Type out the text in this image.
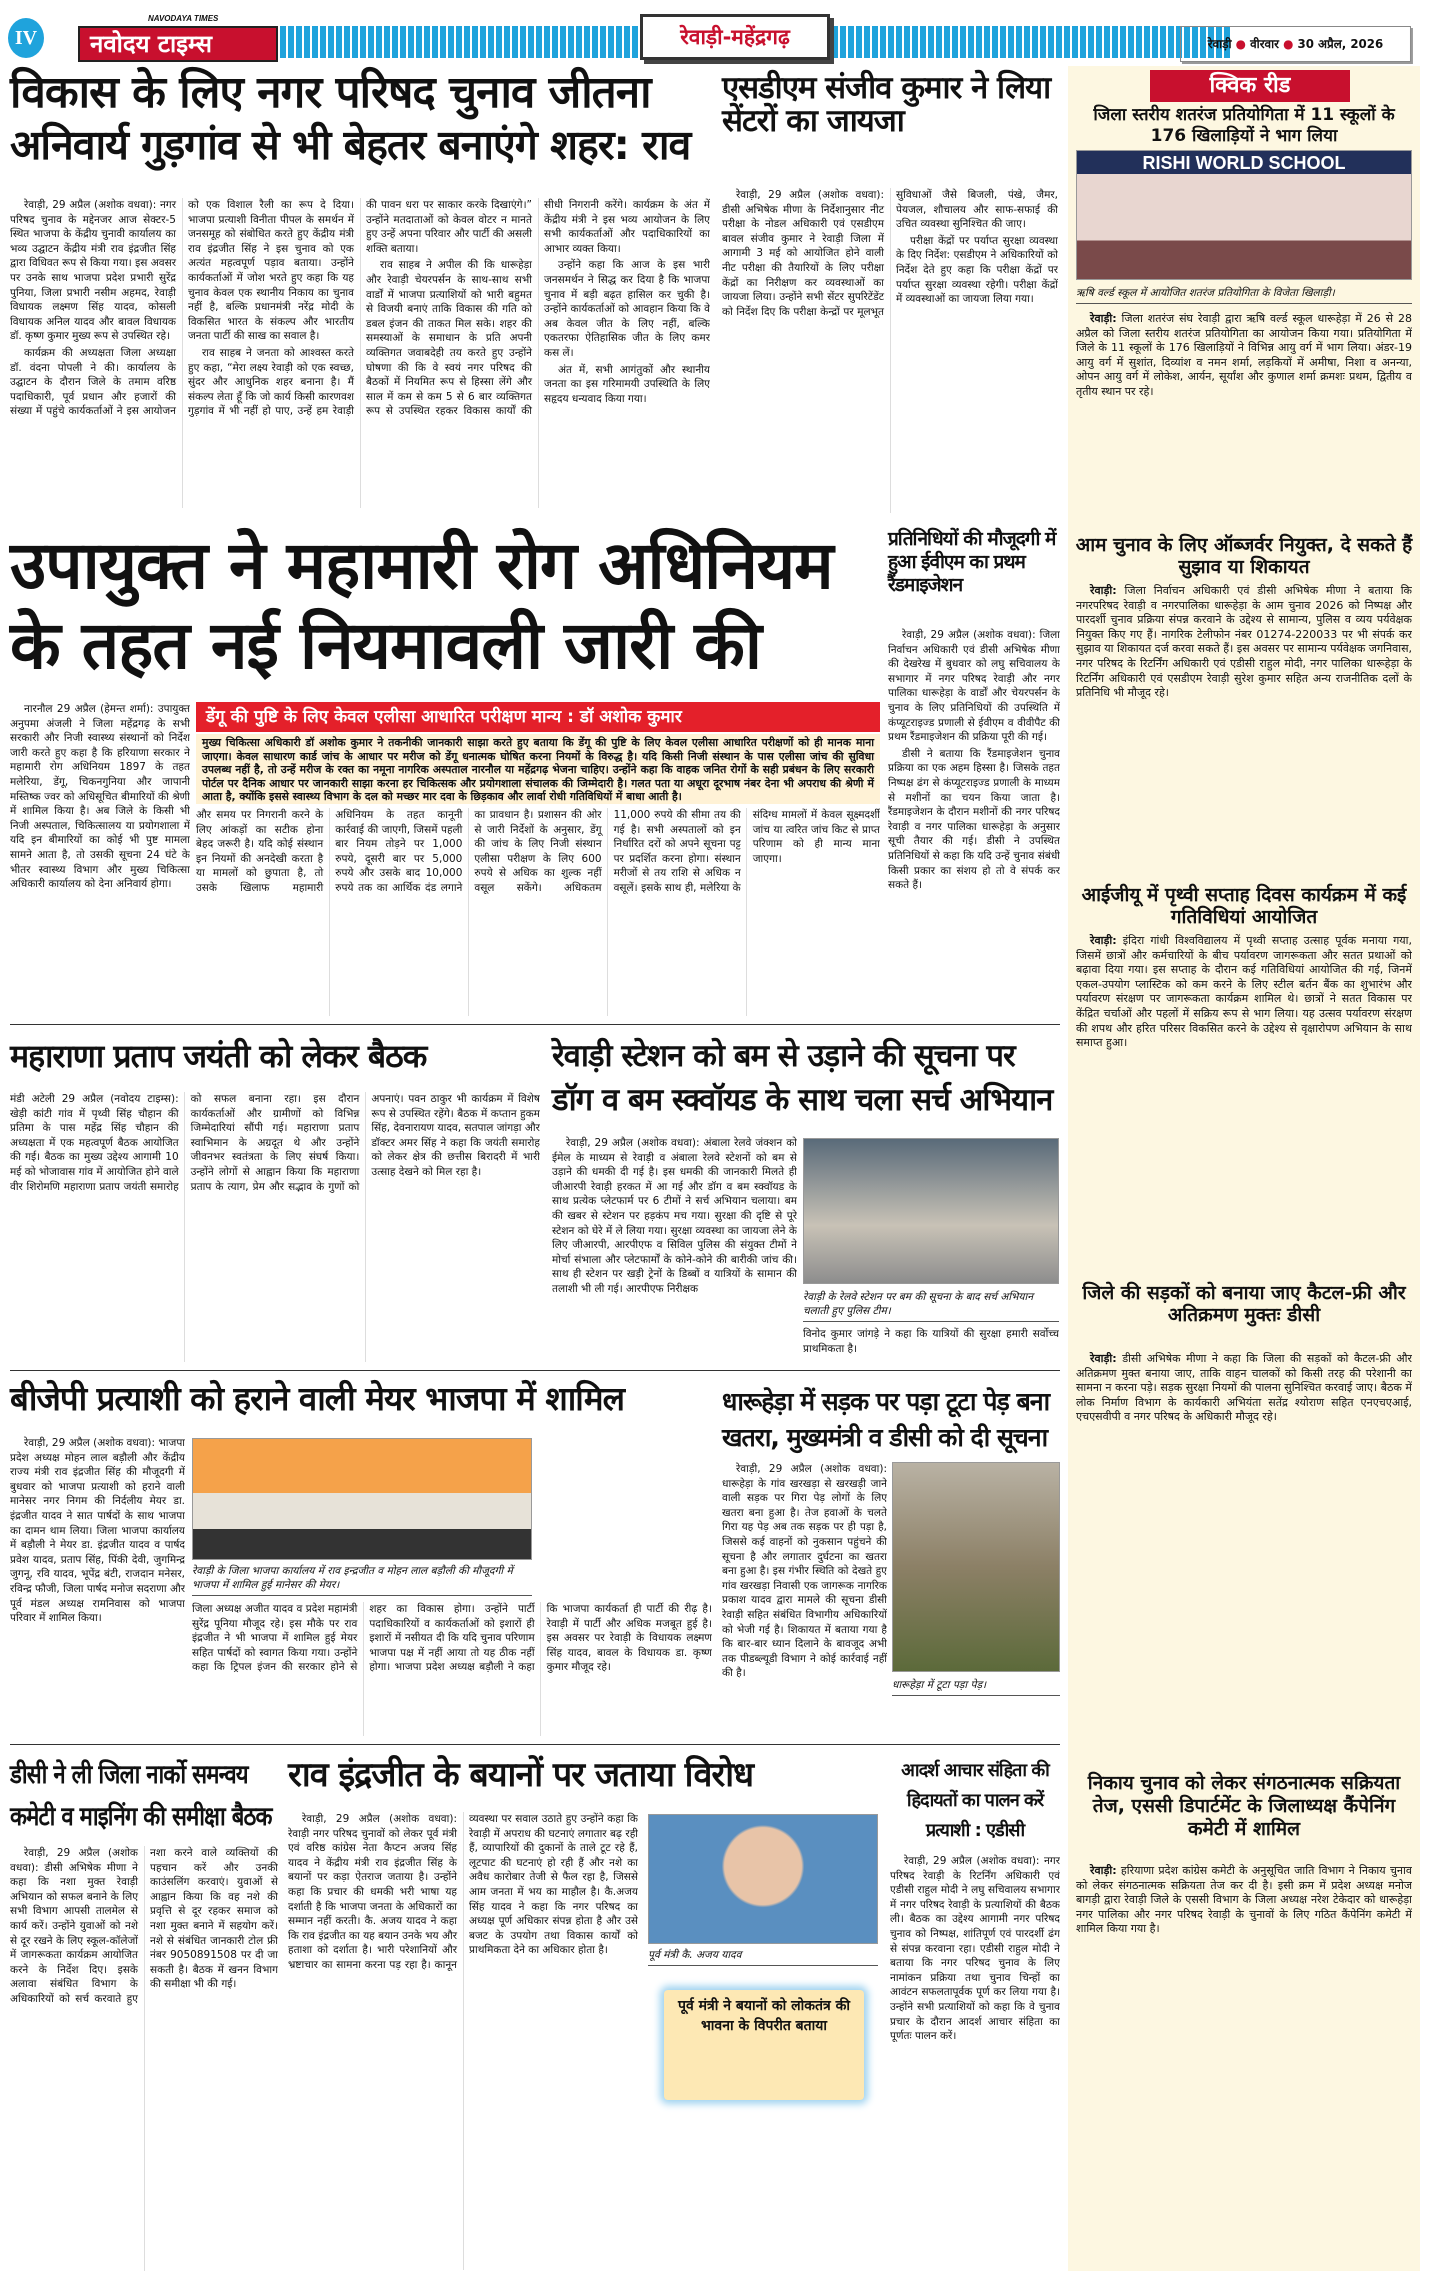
IV
NAVODAYA TIMES
नवोदय टाइम्स	रेवाड़ी-महेंद्रगढ़	रेवाड़ी ● वीरवार ● 30 अप्रैल, 2026
विकास के लिए नगर परिषद चुनाव जीतना
अनिवार्य गुड़गांव से भी बेहतर बनाएंगे शहर: राव

रेवाड़ी, 29 अप्रैल (अशोक वधवा): नगर परिषद चुनाव के मद्देनजर आज सेक्टर-5 स्थित भाजपा के केंद्रीय चुनावी कार्यालय का भव्य उद्घाटन केंद्रीय मंत्री राव इंद्रजीत सिंह द्वारा विधिवत रूप से किया गया। इस अवसर पर उनके साथ भाजपा प्रदेश प्रभारी सुरेंद्र पुनिया, जिला प्रभारी नसीम अहमद, रेवाड़ी विधायक लक्ष्मण सिंह यादव, कोसली विधायक अनिल यादव और बावल विधायक डॉ. कृष्ण कुमार मुख्य रूप से उपस्थित रहे।

कार्यक्रम की अध्यक्षता जिला अध्यक्षा डॉ. वंदना पोपली ने की। कार्यालय के उद्घाटन के दौरान जिले के तमाम वरिष्ठ पदाधिकारी, पूर्व प्रधान और हजारों की संख्या में पहुंचे कार्यकर्ताओं ने इस आयोजन को एक विशाल रैली का रूप दे दिया। भाजपा प्रत्याशी विनीता पीपल के समर्थन में जनसमूह को संबोधित करते हुए केंद्रीय मंत्री राव इंद्रजीत सिंह ने इस चुनाव को एक अत्यंत महत्वपूर्ण पड़ाव बताया। उन्होंने कार्यकर्ताओं में जोश भरते हुए कहा कि यह चुनाव केवल एक स्थानीय निकाय का चुनाव नहीं है, बल्कि प्रधानमंत्री नरेंद्र मोदी के विकसित भारत के संकल्प और भारतीय जनता पार्टी की साख का सवाल है।

राव साहब ने जनता को आश्वस्त करते हुए कहा, “मेरा लक्ष्य रेवाड़ी को एक स्वच्छ, सुंदर और आधुनिक शहर बनाना है। मैं संकल्प लेता हूँ कि जो कार्य किसी कारणवश गुड़गांव में भी नहीं हो पाए, उन्हें हम रेवाड़ी की पावन धरा पर साकार करके दिखाएंगे।” उन्होंने मतदाताओं को केवल वोटर न मानते हुए उन्हें अपना परिवार और पार्टी की असली शक्ति बताया।

राव साहब ने अपील की कि धारूहेड़ा और रेवाड़ी चेयरपर्सन के साथ-साथ सभी वार्डों में भाजपा प्रत्याशियों को भारी बहुमत से विजयी बनाएं ताकि विकास की गति को डबल इंजन की ताकत मिल सके। शहर की समस्याओं के समाधान के प्रति अपनी व्यक्तिगत जवाबदेही तय करते हुए उन्होंने घोषणा की कि वे स्वयं नगर परिषद की बैठकों में नियमित रूप से हिस्सा लेंगे और साल में कम से कम 5 से 6 बार व्यक्तिगत रूप से उपस्थित रहकर विकास कार्यों की सीधी निगरानी करेंगे। कार्यक्रम के अंत में केंद्रीय मंत्री ने इस भव्य आयोजन के लिए सभी कार्यकर्ताओं और पदाधिकारियों का आभार व्यक्त किया।

उन्होंने कहा कि आज के इस भारी जनसमर्थन ने सिद्ध कर दिया है कि भाजपा चुनाव में बड़ी बढ़त हासिल कर चुकी है। उन्होंने कार्यकर्ताओं को आवहान किया कि वे अब केवल जीत के लिए नहीं, बल्कि एकतरफा ऐतिहासिक जीत के लिए कमर कस लें।

अंत में, सभी आगंतुकों और स्थानीय जनता का इस गरिमामयी उपस्थिति के लिए सहृदय धन्यवाद किया गया।

एसडीएम संजीव कुमार ने लिया सेंटरों का जायजा

रेवाड़ी, 29 अप्रैल (अशोक वधवा): डीसी अभिषेक मीणा के निर्देशानुसार नीट परीक्षा के नोडल अधिकारी एवं एसडीएम बावल संजीव कुमार ने रेवाड़ी जिला में आगामी 3 मई को आयोजित होने वाली नीट परीक्षा की तैयारियों के लिए परीक्षा केंद्रों का निरीक्षण कर व्यवस्थाओं का जायजा लिया। उन्होंने सभी सेंटर सुपरिटेंडेंट को निर्देश दिए कि परीक्षा केन्द्रों पर मूलभूत सुविधाओं जैसे बिजली, पंखे, जैमर, पेयजल, शौचालय और साफ-सफाई की उचित व्यवस्था सुनिश्चित की जाए।

परीक्षा केंद्रों पर पर्याप्त सुरक्षा व्यवस्था के दिए निर्देश: एसडीएम ने अधिकारियों को निर्देश देते हुए कहा कि परीक्षा केंद्रों पर पर्याप्त सुरक्षा व्यवस्था रहेगी। परीक्षा केंद्रों में व्यवस्थाओं का जायजा लिया गया।

क्विक रीड
जिला स्तरीय शतरंज प्रतियोगिता में 11 स्कूलों के 176 खिलाड़ियों ने भाग लिया
RISHI WORLD SCHOOL
ऋषि वर्ल्ड स्कूल में आयोजित शतरंज प्रतियोगिता के विजेता खिलाड़ी।

रेवाड़ी: जिला शतरंज संघ रेवाड़ी द्वारा ऋषि वर्ल्ड स्कूल धारूहेड़ा में 26 से 28 अप्रैल को जिला स्तरीय शतरंज प्रतियोगिता का आयोजन किया गया। प्रतियोगिता में जिले के 11 स्कूलों के 176 खिलाड़ियों ने विभिन्न आयु वर्ग में भाग लिया। अंडर-19 आयु वर्ग में सुशांत, दिव्यांश व नमन शर्मा, लड़कियों में अमीषा, निशा व अनन्या, ओपन आयु वर्ग में लोकेश, आर्यन, सूर्यांश और कुणाल शर्मा क्रमशः प्रथम, द्वितीय व तृतीय स्थान पर रहे।

आम चुनाव के लिए ऑब्जर्वर नियुक्त, दे सकते हैं सुझाव या शिकायत

रेवाड़ी: जिला निर्वाचन अधिकारी एवं डीसी अभिषेक मीणा ने बताया कि नगरपरिषद रेवाड़ी व नगरपालिका धारूहेड़ा के आम चुनाव 2026 को निष्पक्ष और पारदर्शी चुनाव प्रक्रिया संपन्न करवाने के उद्देश्य से सामान्य, पुलिस व व्यय पर्यवेक्षक नियुक्त किए गए हैं। नागरिक टेलीफोन नंबर 01274-220033 पर भी संपर्क कर सुझाव या शिकायत दर्ज करवा सकते हैं। इस अवसर पर सामान्य पर्यवेक्षक जगनिवास, नगर परिषद के रिटर्निंग अधिकारी एवं एडीसी राहुल मोदी, नगर पालिका धारूहेड़ा के रिटर्निंग अधिकारी एवं एसडीएम रेवाड़ी सुरेश कुमार सहित अन्य राजनीतिक दलों के प्रतिनिधि भी मौजूद रहे।

आईजीयू में पृथ्वी सप्ताह दिवस कार्यक्रम में कई गतिविधियां आयोजित

रेवाड़ी: इंदिरा गांधी विश्वविद्यालय में पृथ्वी सप्ताह उत्साह पूर्वक मनाया गया, जिसमें छात्रों और कर्मचारियों के बीच पर्यावरण जागरूकता और सतत प्रथाओं को बढ़ावा दिया गया। इस सप्ताह के दौरान कई गतिविधियां आयोजित की गई, जिनमें एकल-उपयोग प्लास्टिक को कम करने के लिए स्टील बर्तन बैंक का शुभारंभ और पर्यावरण संरक्षण पर जागरूकता कार्यक्रम शामिल थे। छात्रों ने सतत विकास पर केंद्रित चर्चाओं और पहलों में सक्रिय रूप से भाग लिया। यह उत्सव पर्यावरण संरक्षण की शपथ और हरित परिसर विकसित करने के उद्देश्य से वृक्षारोपण अभियान के साथ समाप्त हुआ।

जिले की सड़कों को बनाया जाए कैटल-फ्री और अतिक्रमण मुक्तः डीसी

रेवाड़ी: डीसी अभिषेक मीणा ने कहा कि जिला की सड़कों को कैटल-फ्री और अतिक्रमण मुक्त बनाया जाए, ताकि वाहन चालकों को किसी तरह की परेशानी का सामना न करना पड़े। सड़क सुरक्षा नियमों की पालना सुनिश्चित करवाई जाए। बैठक में लोक निर्माण विभाग के कार्यकारी अभियंता सतेंद्र श्योराण सहित एनएचएआई, एचएसवीपी व नगर परिषद के अधिकारी मौजूद रहे।

निकाय चुनाव को लेकर संगठनात्मक सक्रियता तेज, एससी डिपार्टमेंट के जिलाध्यक्ष कैंपेनिंग कमेटी में शामिल

रेवाड़ी: हरियाणा प्रदेश कांग्रेस कमेटी के अनुसूचित जाति विभाग ने निकाय चुनाव को लेकर संगठनात्मक सक्रियता तेज कर दी है। इसी क्रम में प्रदेश अध्यक्ष मनोज बागड़ी द्वारा रेवाड़ी जिले के एससी विभाग के जिला अध्यक्ष नरेश टेकेदार को धारूहेड़ा नगर पालिका और नगर परिषद रेवाड़ी के चुनावों के लिए गठित कैंपेनिंग कमेटी में शामिल किया गया है।

प्रतिनिधियों की मौजूदगी में हुआ ईवीएम का प्रथम रैंडमाइजेशन

रेवाड़ी, 29 अप्रैल (अशोक वधवा): जिला निर्वाचन अधिकारी एवं डीसी अभिषेक मीणा की देखरेख में बुधवार को लघु सचिवालय के सभागार में नगर परिषद रेवाड़ी और नगर पालिका धारूहेड़ा के वार्डों और चेयरपर्सन के चुनाव के लिए प्रतिनिधियों की उपस्थिति में कंप्यूटराइज्ड प्रणाली से ईवीएम व वीवीपैट की प्रथम रैंडमाइजेशन की प्रक्रिया पूरी की गई।

डीसी ने बताया कि रैंडमाइजेशन चुनाव प्रक्रिया का एक अहम हिस्सा है। जिसके तहत निष्पक्ष ढंग से कंप्यूटराइज्ड प्रणाली के माध्यम से मशीनों का चयन किया जाता है। रैंडमाइजेशन के दौरान मशीनों की नगर परिषद रेवाड़ी व नगर पालिका धारूहेड़ा के अनुसार सूची तैयार की गई। डीसी ने उपस्थित प्रतिनिधियों से कहा कि यदि उन्हें चुनाव संबंधी किसी प्रकार का संशय हो तो वे संपर्क कर सकते हैं।

उपायुक्त ने महामारी रोग अधिनियम के तहत नई नियमावली जारी की
नारनौल 29 अप्रैल (हेमन्त शर्मा): उपायुक्त अनुपमा अंजली ने जिला महेंद्रगढ़ के सभी सरकारी और निजी स्वास्थ्य संस्थानों को निर्देश जारी करते हुए कहा है कि हरियाणा सरकार ने महामारी रोग अधिनियम 1897 के तहत मलेरिया, डेंगू, चिकनगुनिया और जापानी मस्तिष्क ज्वर को अधिसूचित बीमारियों की श्रेणी में शामिल किया है। अब जिले के किसी भी निजी अस्पताल, चिकित्सालय या प्रयोगशाला में यदि इन बीमारियों का कोई भी पुष्ट मामला सामने आता है, तो उसकी सूचना 24 घंटे के भीतर स्वास्थ्य विभाग और मुख्य चिकित्सा अधिकारी कार्यालय को देना अनिवार्य होगा।
डेंगू की पुष्टि के लिए केवल एलीसा आधारित परीक्षण मान्य : डॉ अशोक कुमार
मुख्य चिकित्सा अधिकारी डॉ अशोक कुमार ने तकनीकी जानकारी साझा करते हुए बताया कि डेंगू की पुष्टि के लिए केवल एलीसा आधारित परीक्षणों को ही मानक माना जाएगा। केवल साधारण कार्ड जांच के आधार पर मरीज को डेंगू धनात्मक घोषित करना नियमों के विरुद्ध है। यदि किसी निजी संस्थान के पास एलीसा जांच की सुविधा उपलब्ध नहीं है, तो उन्हें मरीज के रक्त का नमूना नागरिक अस्पताल नारनौल या महेंद्रगढ़ भेजना चाहिए। उन्होंने कहा कि वाहक जनित रोगों के सही प्रबंधन के लिए सरकारी पोर्टल पर दैनिक आधार पर जानकारी साझा करना हर चिकित्सक और प्रयोगशाला संचालक की जिम्मेदारी है। गलत पता या अधूरा दूरभाष नंबर देना भी अपराध की श्रेणी में आता है, क्योंकि इससे स्वास्थ्य विभाग के दल को मच्छर मार दवा के छिड़काव और लार्वा रोधी गतिविधियों में बाधा आती है।
और समय पर निगरानी करने के लिए आंकड़ों का सटीक होना बेहद जरूरी है। यदि कोई संस्थान इन नियमों की अनदेखी करता है या मामलों को छुपाता है, तो उसके खिलाफ महामारी अधिनियम के तहत कानूनी कार्रवाई की जाएगी, जिसमें पहली बार नियम तोड़ने पर 1,000 रुपये, दूसरी बार पर 5,000 रुपये और उसके बाद 10,000 रुपये तक का आर्थिक दंड लगाने का प्रावधान है। प्रशासन की ओर से जारी निर्देशों के अनुसार, डेंगू की जांच के लिए निजी संस्थान एलीसा परीक्षण के लिए 600 रुपये से अधिक का शुल्क नहीं वसूल सकेंगे। अधिकतम 11,000 रुपये की सीमा तय की गई है। सभी अस्पतालों को इन निर्धारित दरों को अपने सूचना पट्ट पर प्रदर्शित करना होगा। संस्थान मरीजों से तय राशि से अधिक न वसूलें। इसके साथ ही, मलेरिया के संदिग्ध मामलों में केवल सूक्ष्मदर्शी जांच या त्वरित जांच किट से प्राप्त परिणाम को ही मान्य माना जाएगा।
महाराणा प्रताप जयंती को लेकर बैठक
मंडी अटेली 29 अप्रैल (नवोदय टाइम्स): खेड़ी कांटी गांव में पृथ्वी सिंह चौहान की प्रतिमा के पास महेंद्र सिंह चौहान की अध्यक्षता में एक महत्वपूर्ण बैठक आयोजित की गई। बैठक का मुख्य उद्देश्य आगामी 10 मई को भोजावास गांव में आयोजित होने वाले वीर शिरोमणि महाराणा प्रताप जयंती समारोह को सफल बनाना रहा। इस दौरान कार्यकर्ताओं और ग्रामीणों को विभिन्न जिम्मेदारियां सौंपी गई। महाराणा प्रताप स्वाभिमान के अग्रदूत थे और उन्होंने जीवनभर स्वतंत्रता के लिए संघर्ष किया। उन्होंने लोगों से आह्वान किया कि महाराणा प्रताप के त्याग, प्रेम और सद्भाव के गुणों को अपनाएं। पवन ठाकुर भी कार्यक्रम में विशेष रूप से उपस्थित रहेंगे। बैठक में कप्तान हुकम सिंह, देवनारायण यादव, सतपाल जांगड़ा और डॉक्टर अमर सिंह ने कहा कि जयंती समारोह को लेकर क्षेत्र की छत्तीस बिरादरी में भारी उत्साह देखने को मिल रहा है।
रेवाड़ी स्टेशन को बम से उड़ाने की सूचना पर डॉग व बम स्क्वॉयड के साथ चला सर्च अभियान
रेवाड़ी, 29 अप्रैल (अशोक वधवा): अंबाला रेलवे जंक्शन को ईमेल के माध्यम से रेवाड़ी व अंबाला रेलवे स्टेशनों को बम से उड़ाने की धमकी दी गई है। इस धमकी की जानकारी मिलते ही जीआरपी रेवाड़ी हरकत में आ गई और डॉग व बम स्क्वॉयड के साथ प्रत्येक प्लेटफार्म पर 6 टीमों ने सर्च अभियान चलाया। बम की खबर से स्टेशन पर हड़कंप मच गया। सुरक्षा की दृष्टि से पूरे स्टेशन को घेरे में ले लिया गया। सुरक्षा व्यवस्था का जायजा लेने के लिए जीआरपी, आरपीएफ व सिविल पुलिस की संयुक्त टीमों ने मोर्चा संभाला और प्लेटफार्मों के कोने-कोने की बारीकी जांच की। साथ ही स्टेशन पर खड़ी ट्रेनों के डिब्बों व यात्रियों के सामान की तलाशी भी ली गई। आरपीएफ निरीक्षक
रेवाड़ी के रेलवे स्टेशन पर बम की सूचना के बाद सर्च अभियान चलाती हुए पुलिस टीम।
विनोद कुमार जांगड़े ने कहा कि यात्रियों की सुरक्षा हमारी सर्वोच्च प्राथमिकता है।
बीजेपी प्रत्याशी को हराने वाली मेयर भाजपा में शामिल
रेवाड़ी, 29 अप्रैल (अशोक वधवा): भाजपा प्रदेश अध्यक्ष मोहन लाल बड़ौली और केंद्रीय राज्य मंत्री राव इंद्रजीत सिंह की मौजूदगी में बुधवार को भाजपा प्रत्याशी को हराने वाली मानेसर नगर निगम की निर्दलीय मेयर डा. इंद्रजीत यादव ने सात पार्षदों के साथ भाजपा का दामन थाम लिया। जिला भाजपा कार्यालय में बड़ौली ने मेयर डा. इंद्रजीत यादव व पार्षद प्रवेश यादव, प्रताप सिंह, पिंकी देवी, जुगमिन्द्र जुगनू, रवि यादव, भूपेंद्र बंटी, राजदान मनेसर, रविन्द्र फौजी, जिला पार्षद मनोज सदराणा और पूर्व मंडल अध्यक्ष रामनिवास को भाजपा परिवार में शामिल किया।
रेवाड़ी के जिला भाजपा कार्यालय में राव इन्द्रजीत व मोहन लाल बड़ौली की मौजूदगी में भाजपा में शामिल हुई मानेसर की मेयर।
जिला अध्यक्ष अजीत यादव व प्रदेश महामंत्री सुरेंद्र पूनिया मौजूद रहे। इस मौके पर राव इंद्रजीत ने भी भाजपा में शामिल हुई मेयर सहित पार्षदों को स्वागत किया गया। उन्होंने कहा कि ट्रिपल इंजन की सरकार होने से शहर का विकास होगा। उन्होंने पार्टी पदाधिकारियों व कार्यकर्ताओं को इशारों ही इशारों में नसीयत दी कि यदि चुनाव परिणाम भाजपा पक्ष में नहीं आया तो यह ठीक नहीं होगा। भाजपा प्रदेश अध्यक्ष बड़ौली ने कहा कि भाजपा कार्यकर्ता ही पार्टी की रीढ़ है। रेवाड़ी में पार्टी और अधिक मजबूत हुई है। इस अवसर पर रेवाड़ी के विधायक लक्ष्मण सिंह यादव, बावल के विधायक डा. कृष्ण कुमार मौजूद रहे।
धारूहेड़ा में सड़क पर पड़ा टूटा पेड़ बना खतरा, मुख्यमंत्री व डीसी को दी सूचना
रेवाड़ी, 29 अप्रैल (अशोक वधवा): धारूहेड़ा के गांव खरखड़ा से खरखड़ी जाने वाली सड़क पर गिरा पेड़ लोगों के लिए खतरा बना हुआ है। तेज हवाओं के चलते गिरा यह पेड़ अब तक सड़क पर ही पड़ा है, जिससे कई वाहनों को नुकसान पहुंचने की सूचना है और लगातार दुर्घटना का खतरा बना हुआ है। इस गंभीर स्थिति को देखते हुए गांव खरखड़ा निवासी एक जागरूक नागरिक प्रकाश यादव द्वारा मामले की सूचना डीसी रेवाड़ी सहित संबंधित विभागीय अधिकारियों को भेजी गई है। शिकायत में बताया गया है कि बार-बार ध्यान दिलाने के बावजूद अभी तक पीडब्ल्यूडी विभाग ने कोई कार्रवाई नहीं की है।
धारूहेड़ा में टूटा पड़ा पेड़।
डीसी ने ली जिला नार्को समन्वय कमेटी व माइनिंग की समीक्षा बैठक
रेवाड़ी, 29 अप्रैल (अशोक वधवा): डीसी अभिषेक मीणा ने कहा कि नशा मुक्त रेवाड़ी अभियान को सफल बनाने के लिए सभी विभाग आपसी तालमेल से कार्य करें। उन्होंने युवाओं को नशे से दूर रखने के लिए स्कूल-कॉलेजों में जागरूकता कार्यक्रम आयोजित करने के निर्देश दिए। इसके अलावा संबंधित विभाग के अधिकारियों को सर्च करवाते हुए नशा करने वाले व्यक्तियों की पहचान करें और उनकी काउंसलिंग करवाएं। युवाओं से आह्वान किया कि वह नशे की प्रवृत्ति से दूर रहकर समाज को नशा मुक्त बनाने में सहयोग करें। नशे से संबंधित जानकारी टोल फ्री नंबर 9050891508 पर दी जा सकती है। बैठक में खनन विभाग की समीक्षा भी की गई।
राव इंद्रजीत के बयानों पर जताया विरोध
रेवाड़ी, 29 अप्रैल (अशोक वधवा): रेवाड़ी नगर परिषद चुनावों को लेकर पूर्व मंत्री एवं वरिष्ठ कांग्रेस नेता कैप्टन अजय सिंह यादव ने केंद्रीय मंत्री राव इंद्रजीत सिंह के बयानों पर कड़ा ऐतराज जताया है। उन्होंने कहा कि प्रचार की धमकी भरी भाषा यह दर्शाती है कि भाजपा जनता के अधिकारों का सम्मान नहीं करती। कै. अजय यादव ने कहा कि राव इंद्रजीत का यह बयान उनके भय और हताशा को दर्शाता है। भारी परेशानियों और भ्रष्टाचार का सामना करना पड़ रहा है। कानून व्यवस्था पर सवाल उठाते हुए उन्होंने कहा कि रेवाड़ी में अपराध की घटनाएं लगातार बढ़ रही हैं, व्यापारियों की दुकानों के ताले टूट रहे हैं, लूटपाट की घटनाएं हो रही हैं और नशे का अवैध कारोबार तेजी से फैल रहा है, जिससे आम जनता में भय का माहौल है। कै.अजय सिंह यादव ने कहा कि नगर परिषद का अध्यक्ष पूर्ण अधिकार संपन्न होता है और उसे बजट के उपयोग तथा विकास कार्यों को प्राथमिकता देने का अधिकार होता है।	पूर्व मंत्री कै. अजय यादव
पूर्व मंत्री ने बयानों को लोकतंत्र की भावना के विपरीत बताया
आदर्श आचार संहिता की हिदायतों का पालन करें प्रत्याशी : एडीसी
रेवाड़ी, 29 अप्रैल (अशोक वधवा): नगर परिषद रेवाड़ी के रिटर्निंग अधिकारी एवं एडीसी राहुल मोदी ने लघु सचिवालय सभागार में नगर परिषद रेवाड़ी के प्रत्याशियों की बैठक ली। बैठक का उद्देश्य आगामी नगर परिषद चुनाव को निष्पक्ष, शांतिपूर्ण एवं पारदर्शी ढंग से संपन्न करवाना रहा। एडीसी राहुल मोदी ने बताया कि नगर परिषद चुनाव के लिए नामांकन प्रक्रिया तथा चुनाव चिन्हों का आवंटन सफलतापूर्वक पूर्ण कर लिया गया है। उन्होंने सभी प्रत्याशियों को कहा कि वे चुनाव प्रचार के दौरान आदर्श आचार संहिता का पूर्णतः पालन करें।
